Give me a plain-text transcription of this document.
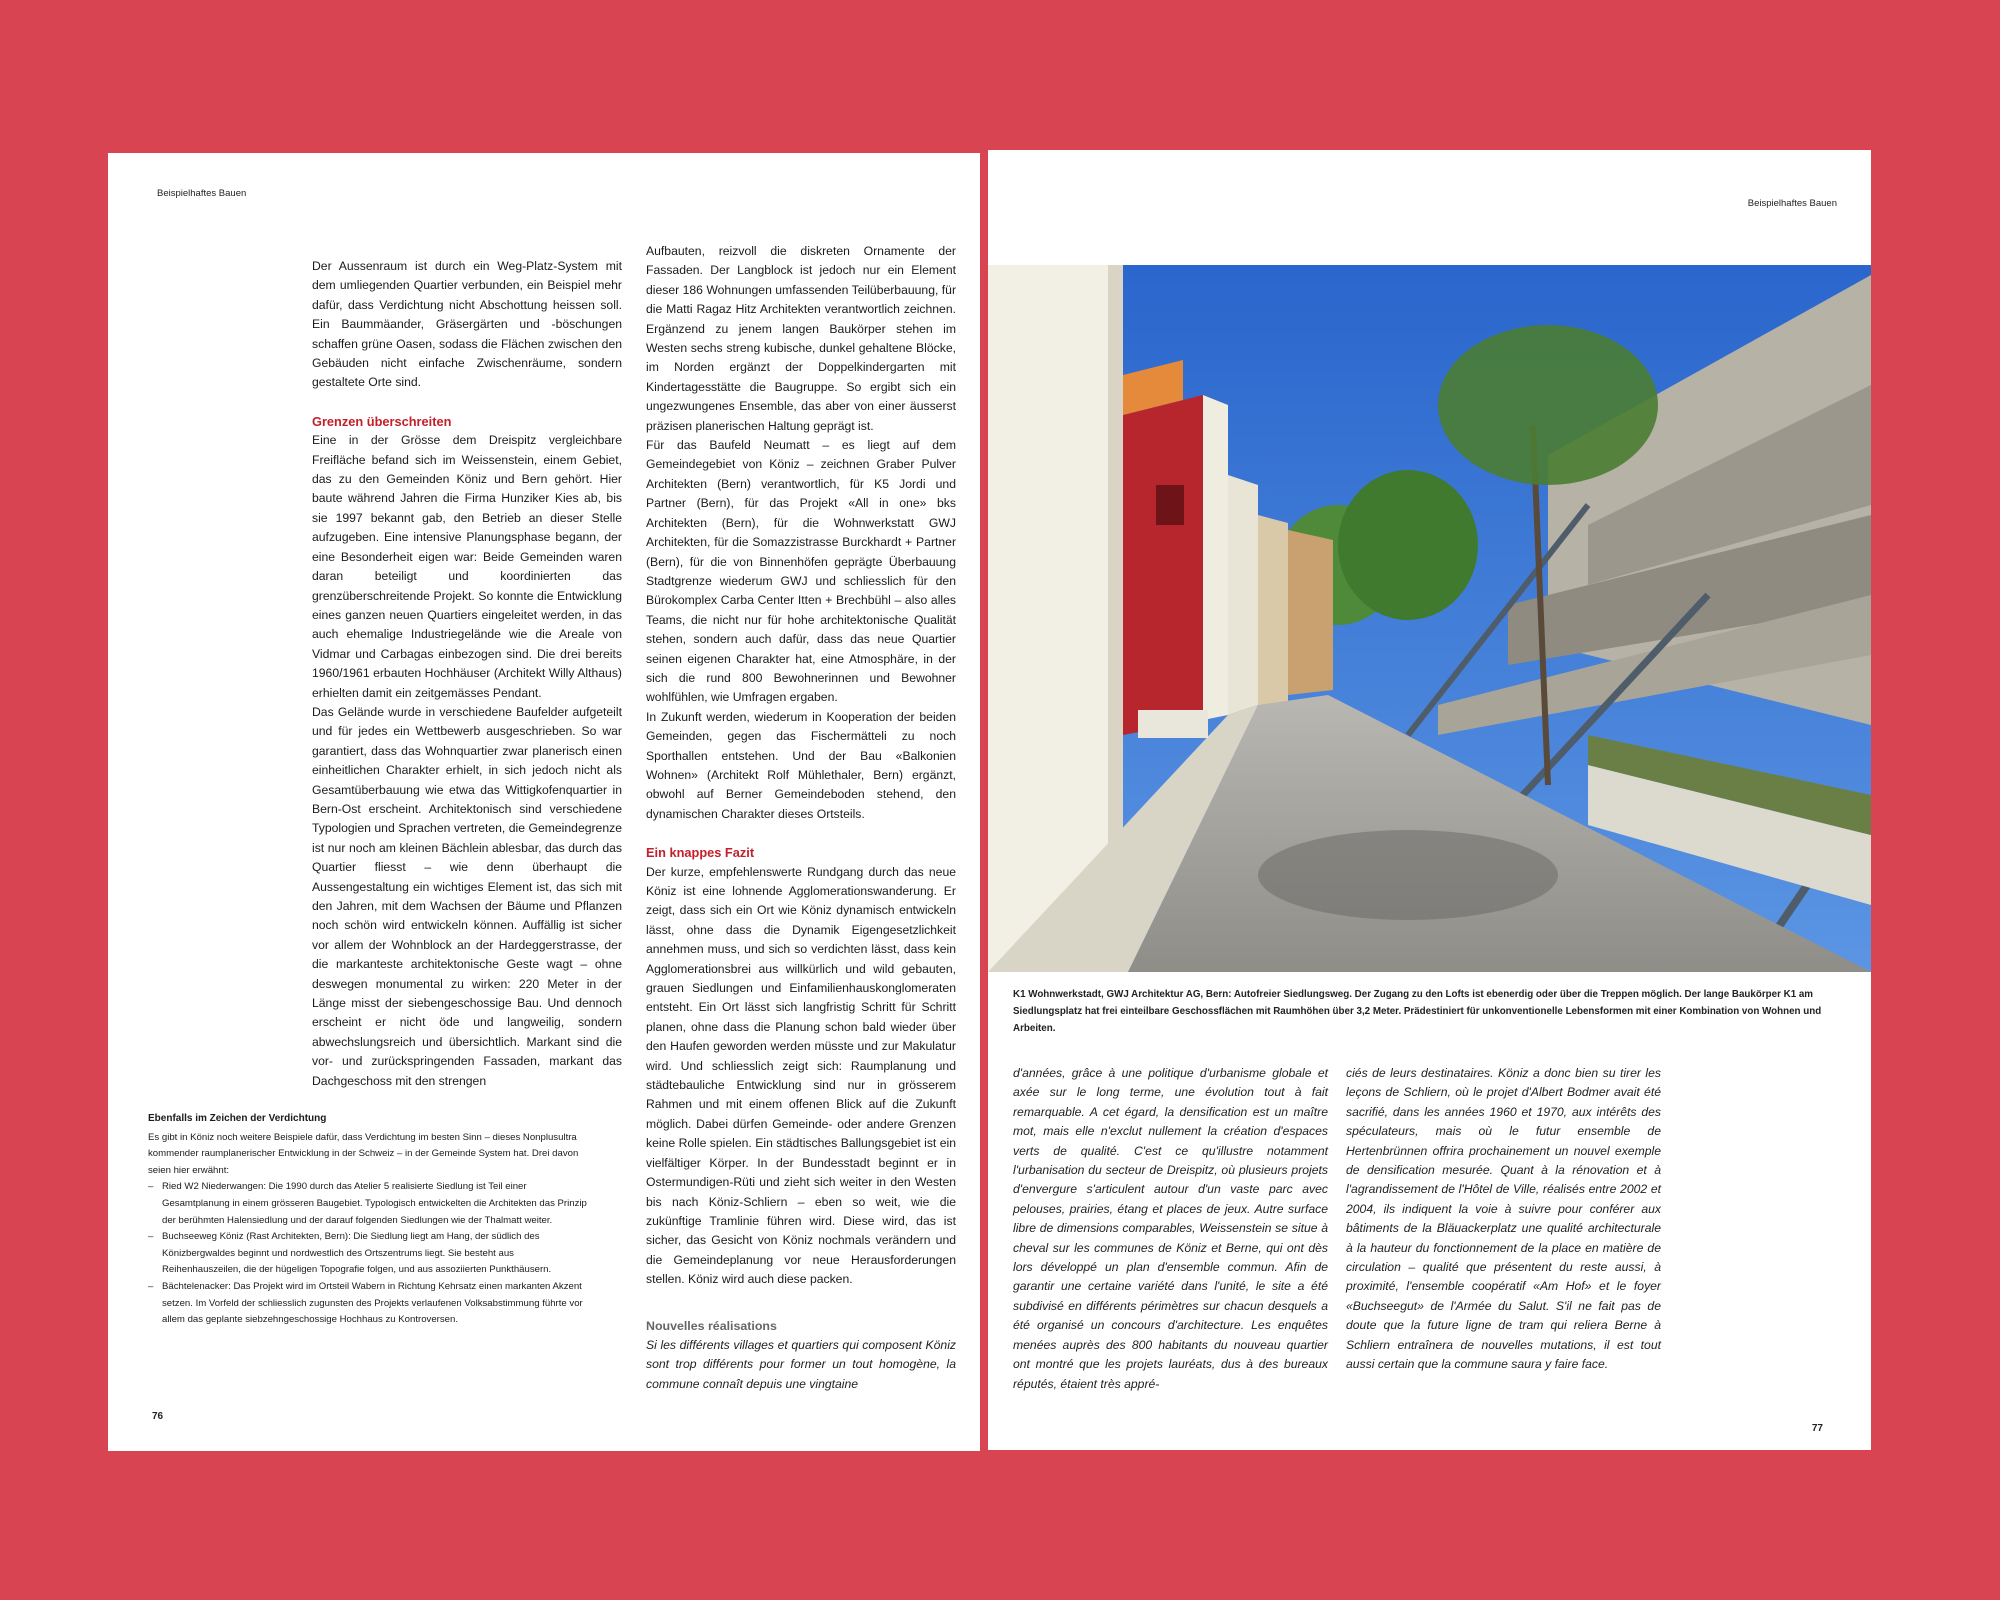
Beispielhaftes Bauen

Der Aussenraum ist durch ein Weg-Platz-System mit dem umliegenden Quartier verbunden, ein Beispiel mehr dafür, dass Verdichtung nicht Abschottung heissen soll. Ein Baummäander, Gräsergärten und -böschungen schaffen grüne Oasen, sodass die Flächen zwischen den Gebäuden nicht einfache Zwischenräume, sondern gestaltete Orte sind.

Grenzen überschreiten

Eine in der Grösse dem Dreispitz vergleichbare Freifläche befand sich im Weissenstein, einem Gebiet, das zu den Gemeinden Köniz und Bern gehört. Hier baute während Jahren die Firma Hunziker Kies ab, bis sie 1997 bekannt gab, den Betrieb an dieser Stelle aufzugeben. Eine intensive Planungsphase begann, der eine Besonderheit eigen war: Beide Gemeinden waren daran beteiligt und koordinierten das grenzüberschreitende Projekt. So konnte die Entwicklung eines ganzen neuen Quartiers eingeleitet werden, in das auch ehemalige Industriegelände wie die Areale von Vidmar und Carbagas einbezogen sind. Die drei bereits 1960/1961 erbauten Hochhäuser (Architekt Willy Althaus) erhielten damit ein zeitgemässes Pendant.

Das Gelände wurde in verschiedene Baufelder aufgeteilt und für jedes ein Wettbewerb ausgeschrieben. So war garantiert, dass das Wohnquartier zwar planerisch einen einheitlichen Charakter erhielt, in sich jedoch nicht als Gesamtüberbauung wie etwa das Wittigkofenquartier in Bern-Ost erscheint. Architektonisch sind verschiedene Typologien und Sprachen vertreten, die Gemeindegrenze ist nur noch am kleinen Bächlein ablesbar, das durch das Quartier fliesst – wie denn überhaupt die Aussengestaltung ein wichtiges Element ist, das sich mit den Jahren, mit dem Wachsen der Bäume und Pflanzen noch schön wird entwickeln können. Auffällig ist sicher vor allem der Wohnblock an der Hardeggerstrasse, der die markanteste architektonische Geste wagt – ohne deswegen monumental zu wirken: 220 Meter in der Länge misst der siebengeschossige Bau. Und dennoch erscheint er nicht öde und langweilig, sondern abwechslungsreich und übersichtlich. Markant sind die vor- und zurückspringenden Fassaden, markant das Dachgeschoss mit den strengen

Ebenfalls im Zeichen der Verdichtung

Es gibt in Köniz noch weitere Beispiele dafür, dass Verdichtung im besten Sinn – dieses Nonplusultra kommender raumplanerischer Entwicklung in der Schweiz – in der Gemeinde System hat. Drei davon seien hier erwähnt:

– Ried W2 Niederwangen: Die 1990 durch das Atelier 5 realisierte Siedlung ist Teil einer Gesamtplanung in einem grösseren Baugebiet. Typologisch entwickelten die Architekten das Prinzip der berühmten Halensiedlung und der darauf folgenden Siedlungen wie der Thalmatt weiter.
– Buchseeweg Köniz (Rast Architekten, Bern): Die Siedlung liegt am Hang, der südlich des Könizbergwaldes beginnt und nordwestlich des Ortszentrums liegt. Sie besteht aus Reihenhauszeilen, die der hügeligen Topografie folgen, und aus assoziierten Punkthäusern.
– Bächtelenacker: Das Projekt wird im Ortsteil Wabern in Richtung Kehrsatz einen markanten Akzent setzen. Im Vorfeld der schliesslich zugunsten des Projekts verlaufenen Volksabstimmung führte vor allem das geplante siebzehngeschossige Hochhaus zu Kontroversen.

Aufbauten, reizvoll die diskreten Ornamente der Fassaden. Der Langblock ist jedoch nur ein Element dieser 186 Wohnungen umfassenden Teilüberbauung, für die Matti Ragaz Hitz Architekten verantwortlich zeichnen. Ergänzend zu jenem langen Baukörper stehen im Westen sechs streng kubische, dunkel gehaltene Blöcke, im Norden ergänzt der Doppelkindergarten mit Kindertagesstätte die Baugruppe. So ergibt sich ein ungezwungenes Ensemble, das aber von einer äusserst präzisen planerischen Haltung geprägt ist.

Für das Baufeld Neumatt – es liegt auf dem Gemeindegebiet von Köniz – zeichnen Graber Pulver Architekten (Bern) verantwortlich, für K5 Jordi und Partner (Bern), für das Projekt «All in one» bks Architekten (Bern), für die Wohnwerkstatt GWJ Architekten, für die Somazzistrasse Burckhardt + Partner (Bern), für die von Binnenhöfen geprägte Überbauung Stadtgrenze wiederum GWJ und schliesslich für den Bürokomplex Carba Center Itten + Brechbühl – also alles Teams, die nicht nur für hohe architektonische Qualität stehen, sondern auch dafür, dass das neue Quartier seinen eigenen Charakter hat, eine Atmosphäre, in der sich die rund 800 Bewohnerinnen und Bewohner wohlfühlen, wie Umfragen ergaben.

In Zukunft werden, wiederum in Kooperation der beiden Gemeinden, gegen das Fischermätteli zu noch Sporthallen entstehen. Und der Bau «Balkonien Wohnen» (Architekt Rolf Mühlethaler, Bern) ergänzt, obwohl auf Berner Gemeindeboden stehend, den dynamischen Charakter dieses Ortsteils.

Ein knappes Fazit

Der kurze, empfehlenswerte Rundgang durch das neue Köniz ist eine lohnende Agglomerationswanderung. Er zeigt, dass sich ein Ort wie Köniz dynamisch entwickeln lässt, ohne dass die Dynamik Eigengesetzlichkeit annehmen muss, und sich so verdichten lässt, dass kein Agglomerationsbrei aus willkürlich und wild gebauten, grauen Siedlungen und Einfamilienhauskonglomeraten entsteht. Ein Ort lässt sich langfristig Schritt für Schritt planen, ohne dass die Planung schon bald wieder über den Haufen geworden werden müsste und zur Makulatur wird. Und schliesslich zeigt sich: Raumplanung und städtebauliche Entwicklung sind nur in grösserem Rahmen und mit einem offenen Blick auf die Zukunft möglich. Dabei dürfen Gemeinde- oder andere Grenzen keine Rolle spielen. Ein städtisches Ballungsgebiet ist ein vielfältiger Körper. In der Bundesstadt beginnt er in Ostermundigen-Rüti und zieht sich weiter in den Westen bis nach Köniz-Schliern – eben so weit, wie die zukünftige Tramlinie führen wird. Diese wird, das ist sicher, das Gesicht von Köniz nochmals verändern und die Gemeindeplanung vor neue Herausforderungen stellen. Köniz wird auch diese packen.

Nouvelles réalisations

Si les différents villages et quartiers qui composent Köniz sont trop différents pour former un tout homogène, la commune connaît depuis une vingtaine

76
Beispielhaftes Bauen
K1 Wohnwerkstadt, GWJ Architektur AG, Bern: Autofreier Siedlungsweg. Der Zugang zu den Lofts ist ebenerdig oder über die Treppen möglich. Der lange Baukörper K1 am Siedlungsplatz hat frei einteilbare Geschossflächen mit Raumhöhen über 3,2 Meter. Prädestiniert für unkonventionelle Lebensformen mit einer Kombination von Wohnen und Arbeiten.

d'années, grâce à une politique d'urbanisme globale et axée sur le long terme, une évolution tout à fait remarquable. A cet égard, la densification est un maître mot, mais elle n'exclut nullement la création d'espaces verts de qualité. C'est ce qu'illustre notamment l'urbanisation du secteur de Dreispitz, où plusieurs projets d'envergure s'articulent autour d'un vaste parc avec pelouses, prairies, étang et places de jeux. Autre surface libre de dimensions comparables, Weissenstein se situe à cheval sur les communes de Köniz et Berne, qui ont dès lors développé un plan d'ensemble commun. Afin de garantir une certaine variété dans l'unité, le site a été subdivisé en différents périmètres sur chacun desquels a été organisé un concours d'architecture. Les enquêtes menées auprès des 800 habitants du nouveau quartier ont montré que les projets lauréats, dus à des bureaux réputés, étaient très appré-

ciés de leurs destinataires. Köniz a donc bien su tirer les leçons de Schliern, où le projet d'Albert Bodmer avait été sacrifié, dans les années 1960 et 1970, aux intérêts des spéculateurs, mais où le futur ensemble de Hertenbrünnen offrira prochainement un nouvel exemple de densification mesurée. Quant à la rénovation et à l'agrandissement de l'Hôtel de Ville, réalisés entre 2002 et 2004, ils indiquent la voie à suivre pour conférer aux bâtiments de la Bläuackerplatz une qualité architecturale à la hauteur du fonctionnement de la place en matière de circulation – qualité que présentent du reste aussi, à proximité, l'ensemble coopératif «Am Hof» et le foyer «Buchseegut» de l'Armée du Salut. S'il ne fait pas de doute que la future ligne de tram qui reliera Berne à Schliern entraînera de nouvelles mutations, il est tout aussi certain que la commune saura y faire face.

77
